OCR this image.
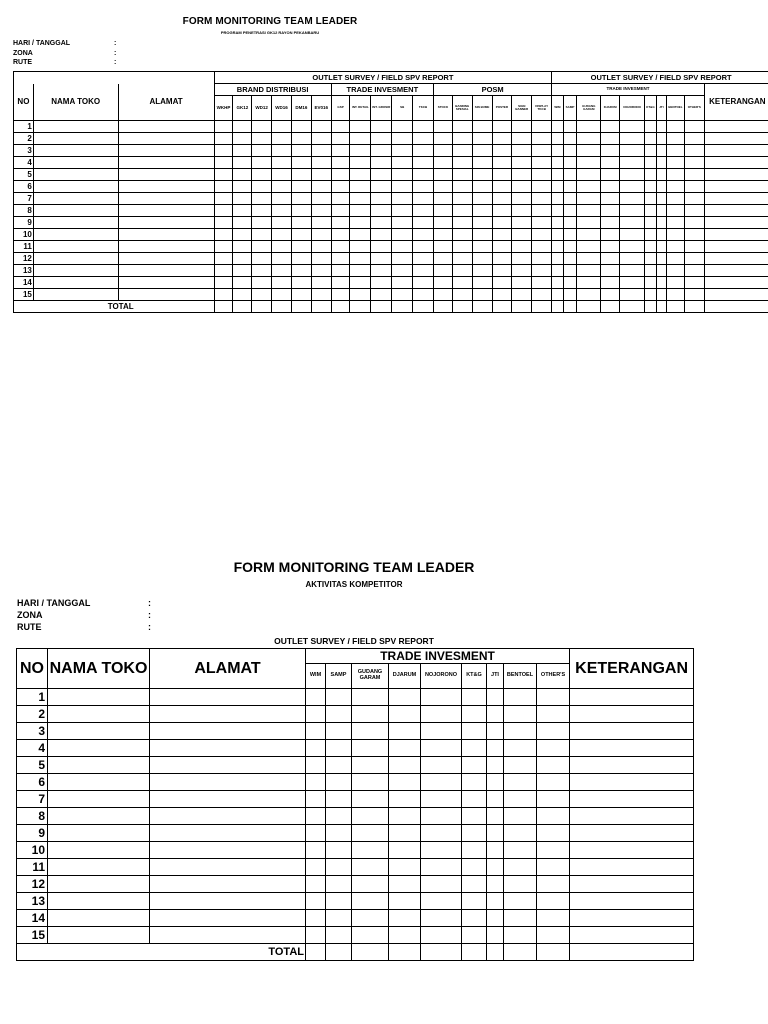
FORM MONITORING TEAM LEADER
PROGRAM PENETRASI GK12 RAYON PEKANBARU
HARI / TANGGAL	:
ZONA	:
RUTE	:
			OUTLET SURVEY / FIELD SPV REPORT																	OUTLET SURVEY / FIELD SPV REPORT									
NO	NAMA TOKO	ALAMAT	BRAND DISTRIBUSI						TRADE INVESMENT					POSM						TRADE INVESMENT									KETERANGAN
			WKHP	GK12	WD12	WD16	DM16	EV016	GSP	INT. RETAIL	INT. GROSIR	SB	TKCB	STOCK	BANDING SPESIAL	SIN BUME	POSTER	SIGN BANNER	DISPLAY TKCB	WIM	SAMP	GUDANG GARAM	DJARUM	NOJORONO	KT&G	JTI	BENTOEL	OTHER'S	
1																													
2																													
3																													
4																													
5																													
6																													
7																													
8																													
9																													
10																													
11																													
12																													
13																													
14																													
15																													
TOTAL																													
FORM MONITORING TEAM LEADER
AKTIVITAS KOMPETITOR
HARI / TANGGAL	:
ZONA	:
RUTE	:
OUTLET SURVEY / FIELD SPV REPORT
NO	NAMA TOKO	ALAMAT	TRADE INVESMENT									KETERANGAN
			WIM	SAMP	GUDANG GARAM	DJARUM	NOJORONO	KT&G	JTI	BENTOEL	OTHER'S	
1												
2												
3												
4												
5												
6												
7												
8												
9												
10												
11												
12												
13												
14												
15												
TOTAL												
